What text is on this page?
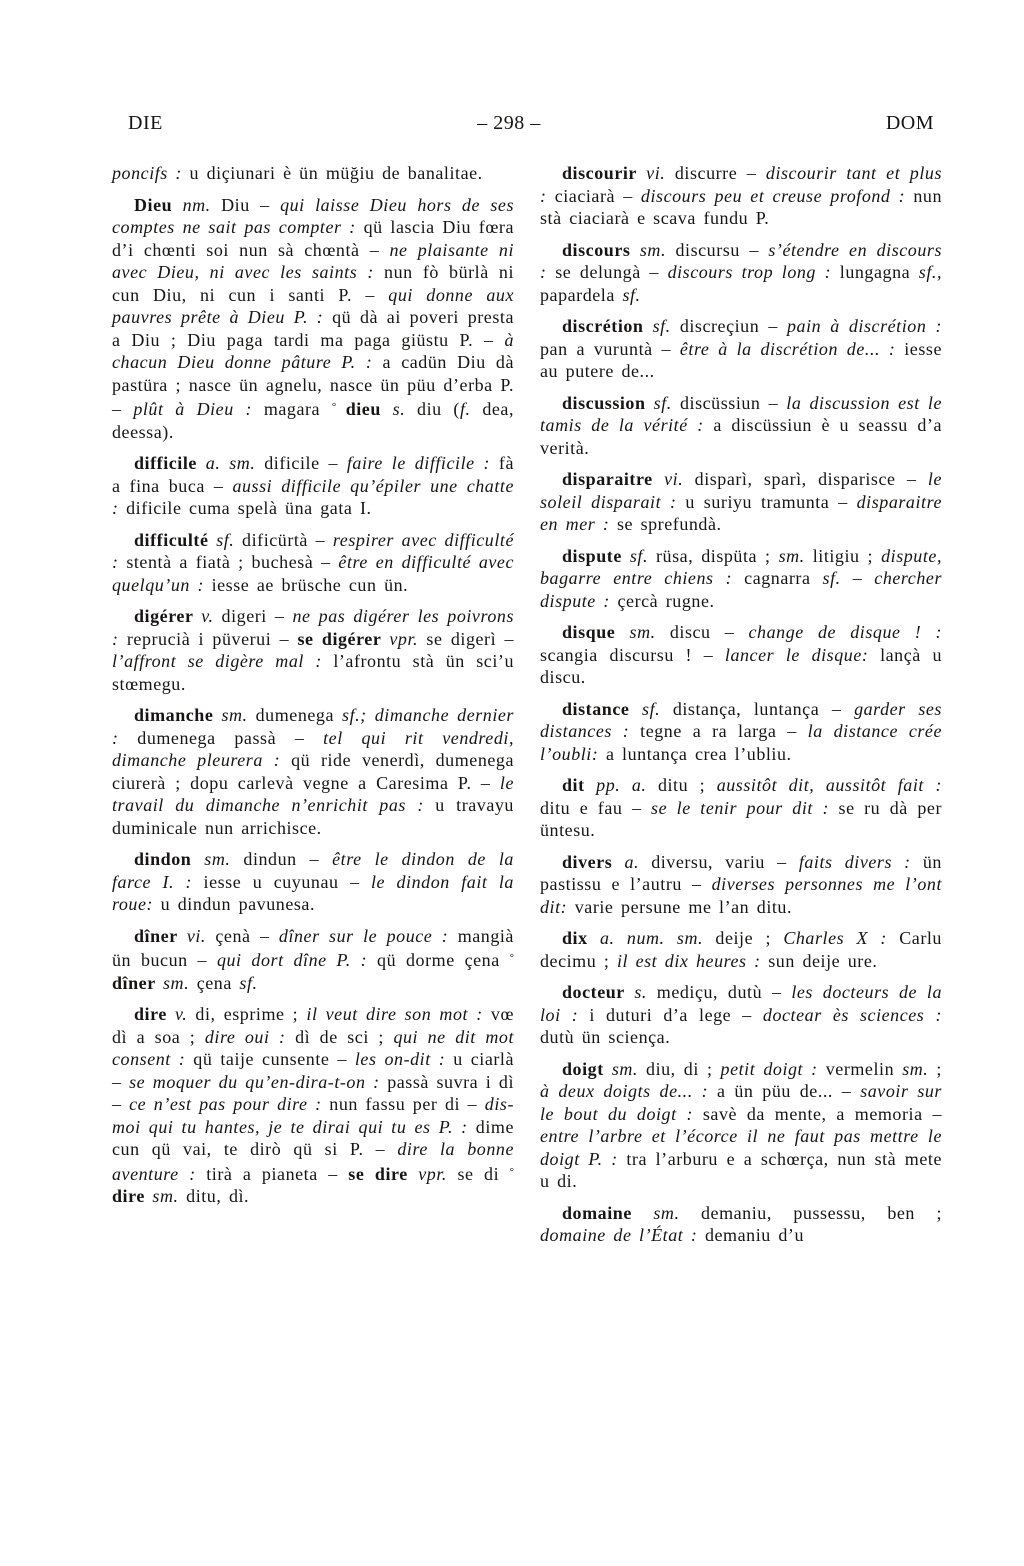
DIE	– 298 –	DOM

poncifs : u diçiunari è ün müğiu de banalitae.

Dieu nm. Diu – qui laisse Dieu hors de ses comptes ne sait pas compter : qü lascia Diu fœra d’i chœnti soi nun sà chœntà – ne plaisante ni avec Dieu, ni avec les saints : nun fò bürlà ni cun Diu, ni cun i santi P. – qui donne aux pauvres prête à Dieu P. : qü dà ai poveri presta a Diu ; Diu paga tardi ma paga giüstu P. – à chacun Dieu donne pâture P. : a cadün Diu dà pastüra ; nasce ün agnelu, nasce ün püu d’erba P. – plût à Dieu : magara ° dieu s. diu (f. dea, deessa).

difficile a. sm. dificile – faire le difficile : fà a fina buca – aussi difficile qu’épiler une chatte : dificile cuma spelà üna gata I.

difficulté sf. dificürtà – respirer avec difficulté : stentà a fiatà ; buchesà – être en difficulté avec quelqu’un : iesse ae brüsche cun ün.

digérer v. digeri – ne pas digérer les poivrons : reprucià i püverui – se digérer vpr. se digerì – l’affront se digère mal : l’afrontu stà ün sci’u stœmegu.

dimanche sm. dumenega sf.; dimanche dernier : dumenega passà – tel qui rit vendredi, dimanche pleurera : qü ride venerdì, dumenega ciurerà ; dopu carlevà vegne a Caresima P. – le travail du dimanche n’enrichit pas : u travayu duminicale nun arrichisce.

dindon sm. dindun – être le dindon de la farce I. : iesse u cuyunau – le dindon fait la roue: u dindun pavunesa.

dîner vi. çenà – dîner sur le pouce : mangià ün bucun – qui dort dîne P. : qü dorme çena ° dîner sm. çena sf.

dire v. di, esprime ; il veut dire son mot : vœ dì a soa ; dire oui : dì de sci ; qui ne dit mot consent : qü taije cunsente – les on-dit : u ciarlà – se moquer du qu’en-dira-t-on : passà suvra i dì – ce n’est pas pour dire : nun fassu per di – dis-moi qui tu hantes, je te dirai qui tu es P. : dime cun qü vai, te dirò qü si P. – dire la bonne aventure : tirà a pianeta – se dire vpr. se di ° dire sm. ditu, dì.

discourir vi. discurre – discourir tant et plus : ciaciarà – discours peu et creuse profond : nun stà ciaciarà e scava fundu P.

discours sm. discursu – s’étendre en discours : se delungà – discours trop long : lungagna sf., papardela sf.

discrétion sf. discreçiun – pain à discrétion : pan a vuruntà – être à la discrétion de... : iesse au putere de...

discussion sf. discüssiun – la discussion est le tamis de la vérité : a discüssiun è u seassu d’a verità.

disparaitre vi. disparì, sparì, disparisce – le soleil disparait : u suriyu tramunta – disparaitre en mer : se sprefundà.

dispute sf. rüsa, dispüta ; sm. litigiu ; dispute, bagarre entre chiens : cagnarra sf. – chercher dispute : çercà rugne.

disque sm. discu – change de disque ! : scangia discursu ! – lancer le disque: lançà u discu.

distance sf. distança, luntança – garder ses distances : tegne a ra larga – la distance crée l’oubli: a luntança crea l’ubliu.

dit pp. a. ditu ; aussitôt dit, aussitôt fait : ditu e fau – se le tenir pour dit : se ru dà per üntesu.

divers a. diversu, variu – faits divers : ün pastissu e l’autru – diverses personnes me l’ont dit: varie persune me l’an ditu.

dix a. num. sm. deije ; Charles X : Carlu decimu ; il est dix heures : sun deije ure.

docteur s. mediçu, dutù – les docteurs de la loi : i duturi d’a lege – doctear ès sciences : dutù ün sciença.

doigt sm. diu, di ; petit doigt : vermelin sm. ; à deux doigts de... : a ün püu de... – savoir sur le bout du doigt : savè da mente, a memoria – entre l’arbre et l’écorce il ne faut pas mettre le doigt P. : tra l’arburu e a schœrça, nun stà mete u di.

domaine sm. demaniu, pussessu, ben ; domaine de l’État : demaniu d’u
